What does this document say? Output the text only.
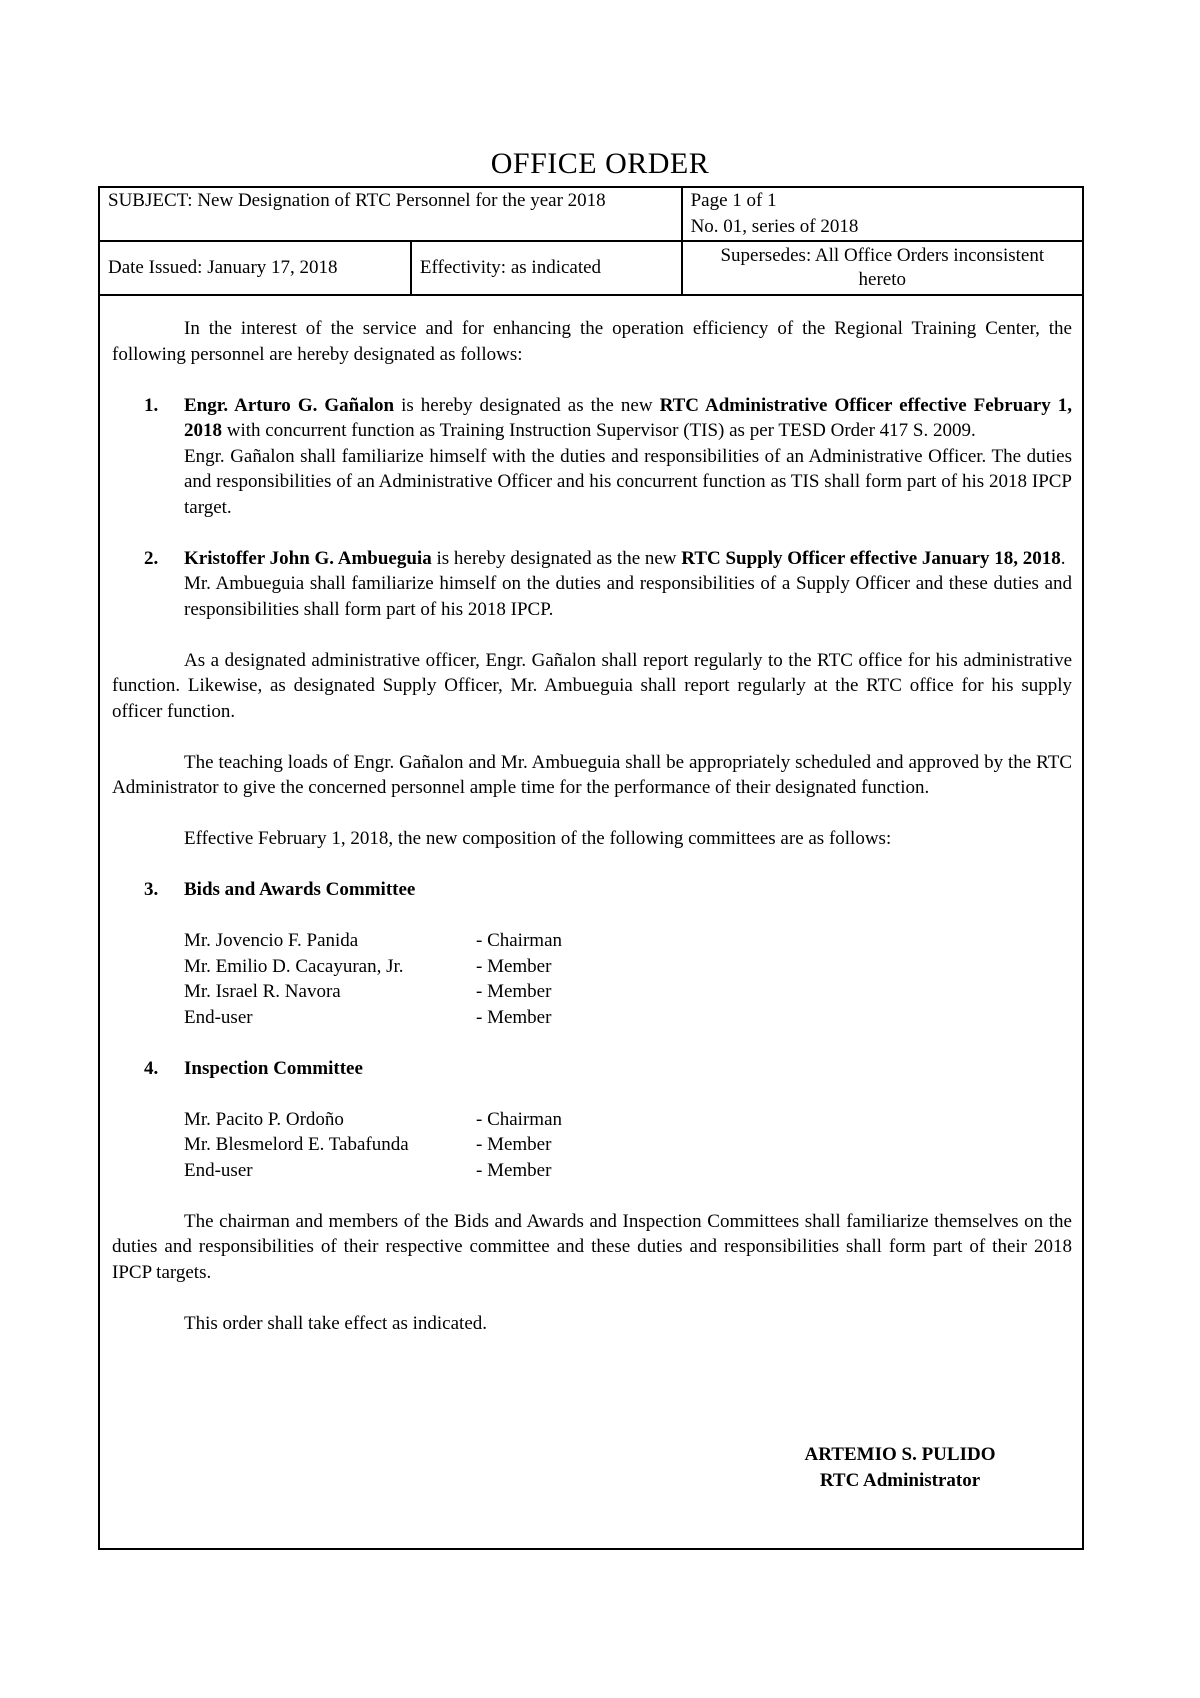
OFFICE ORDER
SUBJECT: New Designation of RTC Personnel for the year 2018		Page 1 of 1
No. 01, series of 2018

Date Issued: January 17, 2018	Effectivity: as indicated	Supersedes: All Office Orders inconsistent
hereto

In the interest of the service and for enhancing the operation efficiency of the Regional Training Center, the following personnel are hereby designated as follows:

1. Engr. Arturo G. Gañalon is hereby designated as the new RTC Administrative Officer effective February 1, 2018 with concurrent function as Training Instruction Supervisor (TIS) as per TESD Order 417 S. 2009.

Engr. Gañalon shall familiarize himself with the duties and responsibilities of an Administrative Officer. The duties and responsibilities of an Administrative Officer and his concurrent function as TIS shall form part of his 2018 IPCP target.

2. Kristoffer John G. Ambueguia is hereby designated as the new RTC Supply Officer effective January 18, 2018.

Mr. Ambueguia shall familiarize himself on the duties and responsibilities of a Supply Officer and these duties and responsibilities shall form part of his 2018 IPCP.

As a designated administrative officer, Engr. Gañalon shall report regularly to the RTC office for his administrative function. Likewise, as designated Supply Officer, Mr. Ambueguia shall report regularly at the RTC office for his supply officer function.

The teaching loads of Engr. Gañalon and Mr. Ambueguia shall be appropriately scheduled and approved by the RTC Administrator to give the concerned personnel ample time for the performance of their designated function.

Effective February 1, 2018, the new composition of the following committees are as follows:

3. Bids and Awards Committee

Mr. Jovencio F. Panida	- Chairman
Mr. Emilio D. Cacayuran, Jr.	- Member
Mr. Israel R. Navora	- Member
End-user	- Member
4. Inspection Committee

Mr. Pacito P. Ordoño	- Chairman
Mr. Blesmelord E. Tabafunda	- Member
End-user	- Member

The chairman and members of the Bids and Awards and Inspection Committees shall familiarize themselves on the duties and responsibilities of their respective committee and these duties and responsibilities shall form part of their 2018 IPCP targets.

This order shall take effect as indicated.

ARTEMIO S. PULIDO
RTC Administrator
